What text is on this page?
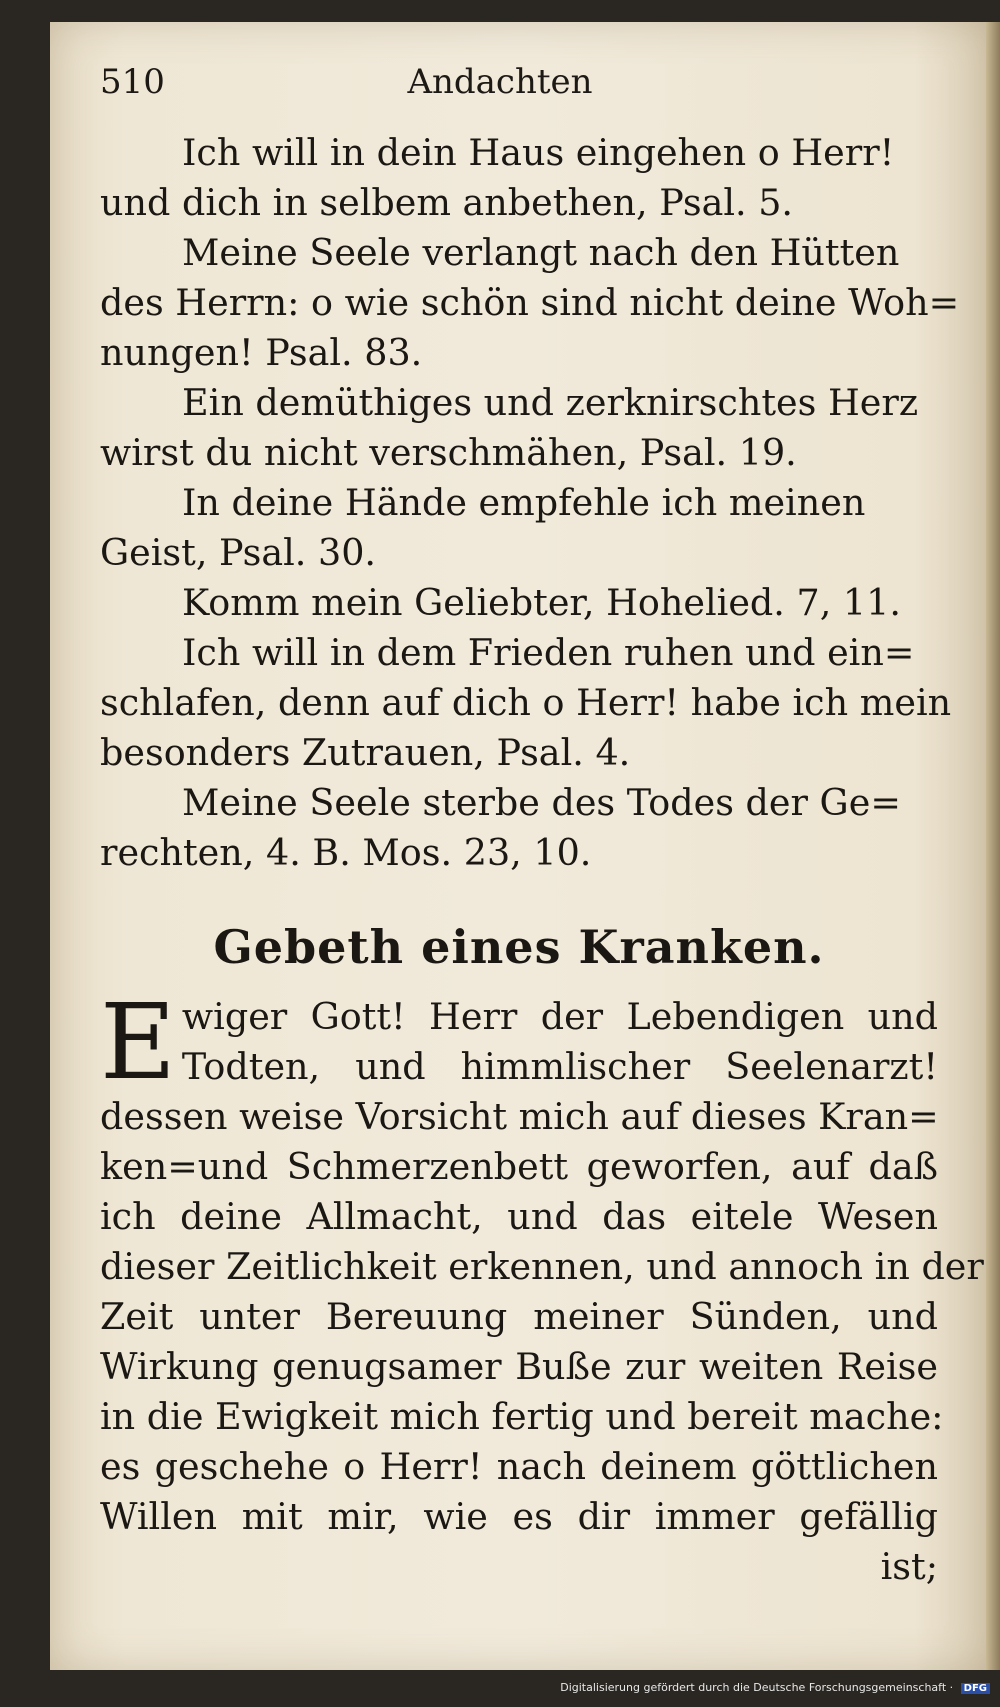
510	Andachten
Ich will in dein Haus eingehen o Herr!
und dich in selbem anbethen, Psal. 5.
Meine Seele verlangt nach den Hütten
des Herrn: o wie schön sind nicht deine Woh=
nungen! Psal. 83.
Ein demüthiges und zerknirschtes Herz
wirst du nicht verschmähen, Psal. 19.
In deine Hände empfehle ich meinen
Geist, Psal. 30.
Komm mein Geliebter, Hohelied. 7, 11.
Ich will in dem Frieden ruhen und ein=
schlafen, denn auf dich o Herr! habe ich mein
besonders Zutrauen, Psal. 4.
Meine Seele sterbe des Todes der Ge=
rechten, 4. B. Mos. 23, 10.
Gebeth eines Kranken.
E wiger Gott! Herr der Lebendigen und
Todten, und himmlischer Seelenarzt!
dessen weise Vorsicht mich auf dieses Kran=
ken=und Schmerzenbett geworfen, auf daß
ich deine Allmacht, und das eitele Wesen
dieser Zeitlichkeit erkennen, und annoch in der
Zeit unter Bereuung meiner Sünden, und
Wirkung genugsamer Buße zur weiten Reise
in die Ewigkeit mich fertig und bereit mache:
es geschehe o Herr! nach deinem göttlichen
Willen mit mir, wie es dir immer gefällig
ist;
Digitalisierung gefördert durch die Deutsche Forschungsgemeinschaft · DFG
